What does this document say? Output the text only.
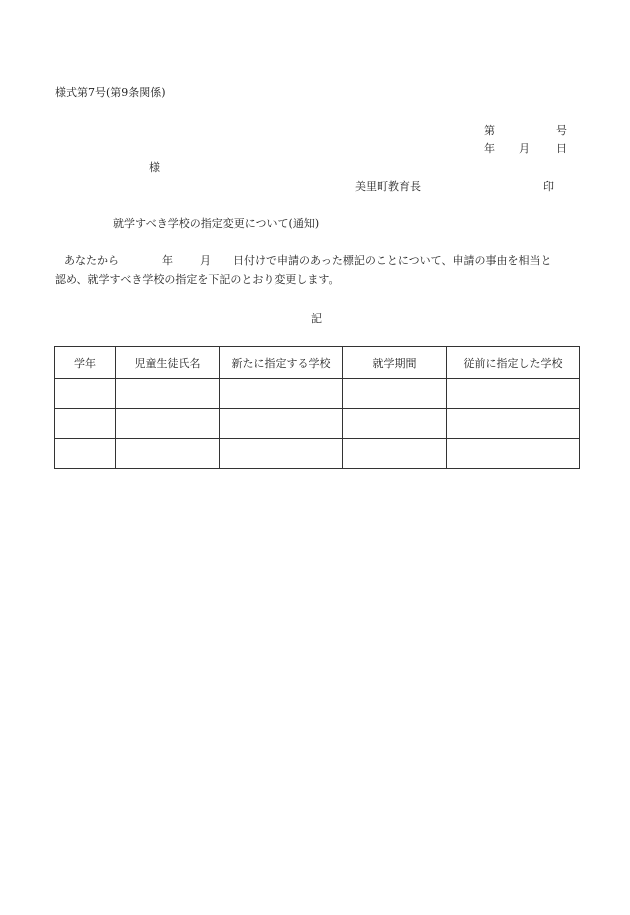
様式第7号(第9条関係)
第	号
年 月 日
様
美里町教育長	印
就学すべき学校の指定変更について(通知)
あなたから	年 月 日付けで申請のあった標記のことについて、申請の事由を相当と
認め、就学すべき学校の指定を下記のとおり変更します。
記
学年	児童生徒氏名	新たに指定する学校	就学期間	従前に指定した学校
